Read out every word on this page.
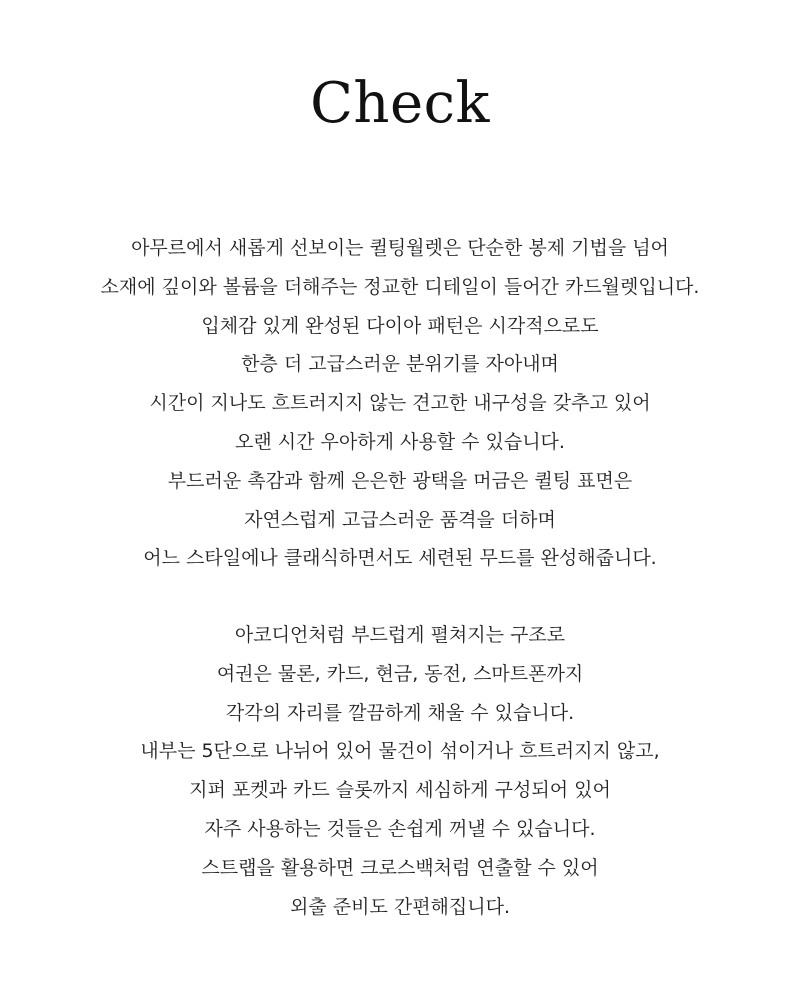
Check

아무르에서 새롭게 선보이는 퀼팅월렛은 단순한 봉제 기법을 넘어
소재에 깊이와 볼륨을 더해주는 정교한 디테일이 들어간 카드월렛입니다.
입체감 있게 완성된 다이아 패턴은 시각적으로도
한층 더 고급스러운 분위기를 자아내며
시간이 지나도 흐트러지지 않는 견고한 내구성을 갖추고 있어
오랜 시간 우아하게 사용할 수 있습니다.
부드러운 촉감과 함께 은은한 광택을 머금은 퀼팅 표면은
자연스럽게 고급스러운 품격을 더하며
어느 스타일에나 클래식하면서도 세련된 무드를 완성해줍니다.

아코디언처럼 부드럽게 펼쳐지는 구조로
여권은 물론, 카드, 현금, 동전, 스마트폰까지
각각의 자리를 깔끔하게 채울 수 있습니다.
내부는 5단으로 나뉘어 있어 물건이 섞이거나 흐트러지지 않고,
지퍼 포켓과 카드 슬롯까지 세심하게 구성되어 있어
자주 사용하는 것들은 손쉽게 꺼낼 수 있습니다.
스트랩을 활용하면 크로스백처럼 연출할 수 있어
외출 준비도 간편해집니다.
